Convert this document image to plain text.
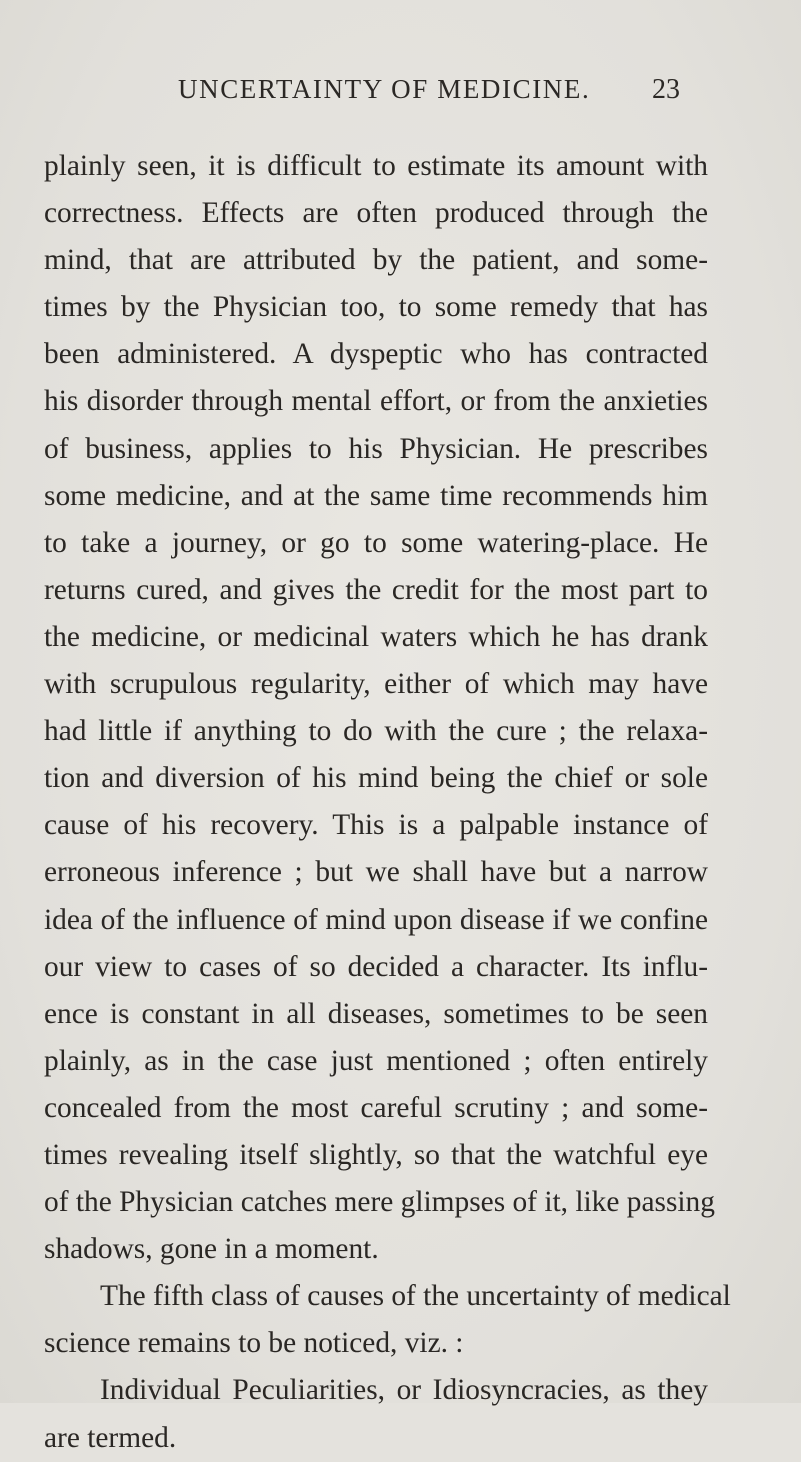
UNCERTAINTY OF MEDICINE. 23
plainly seen, it is difficult to estimate its amount with
correctness. Effects are often produced through the
mind, that are attributed by the patient, and some-
times by the Physician too, to some remedy that has
been administered. A dyspeptic who has contracted
his disorder through mental effort, or from the anxieties
of business, applies to his Physician. He prescribes
some medicine, and at the same time recommends him
to take a journey, or go to some watering-place. He
returns cured, and gives the credit for the most part to
the medicine, or medicinal waters which he has drank
with scrupulous regularity, either of which may have
had little if anything to do with the cure ; the relaxa-
tion and diversion of his mind being the chief or sole
cause of his recovery. This is a palpable instance of
erroneous inference ; but we shall have but a narrow
idea of the influence of mind upon disease if we confine
our view to cases of so decided a character. Its influ-
ence is constant in all diseases, sometimes to be seen
plainly, as in the case just mentioned ; often entirely
concealed from the most careful scrutiny ; and some-
times revealing itself slightly, so that the watchful eye
of the Physician catches mere glimpses of it, like passing
shadows, gone in a moment.
The fifth class of causes of the uncertainty of medical
science remains to be noticed, viz. :
Individual Peculiarities, or Idiosyncracies, as they
are termed.
